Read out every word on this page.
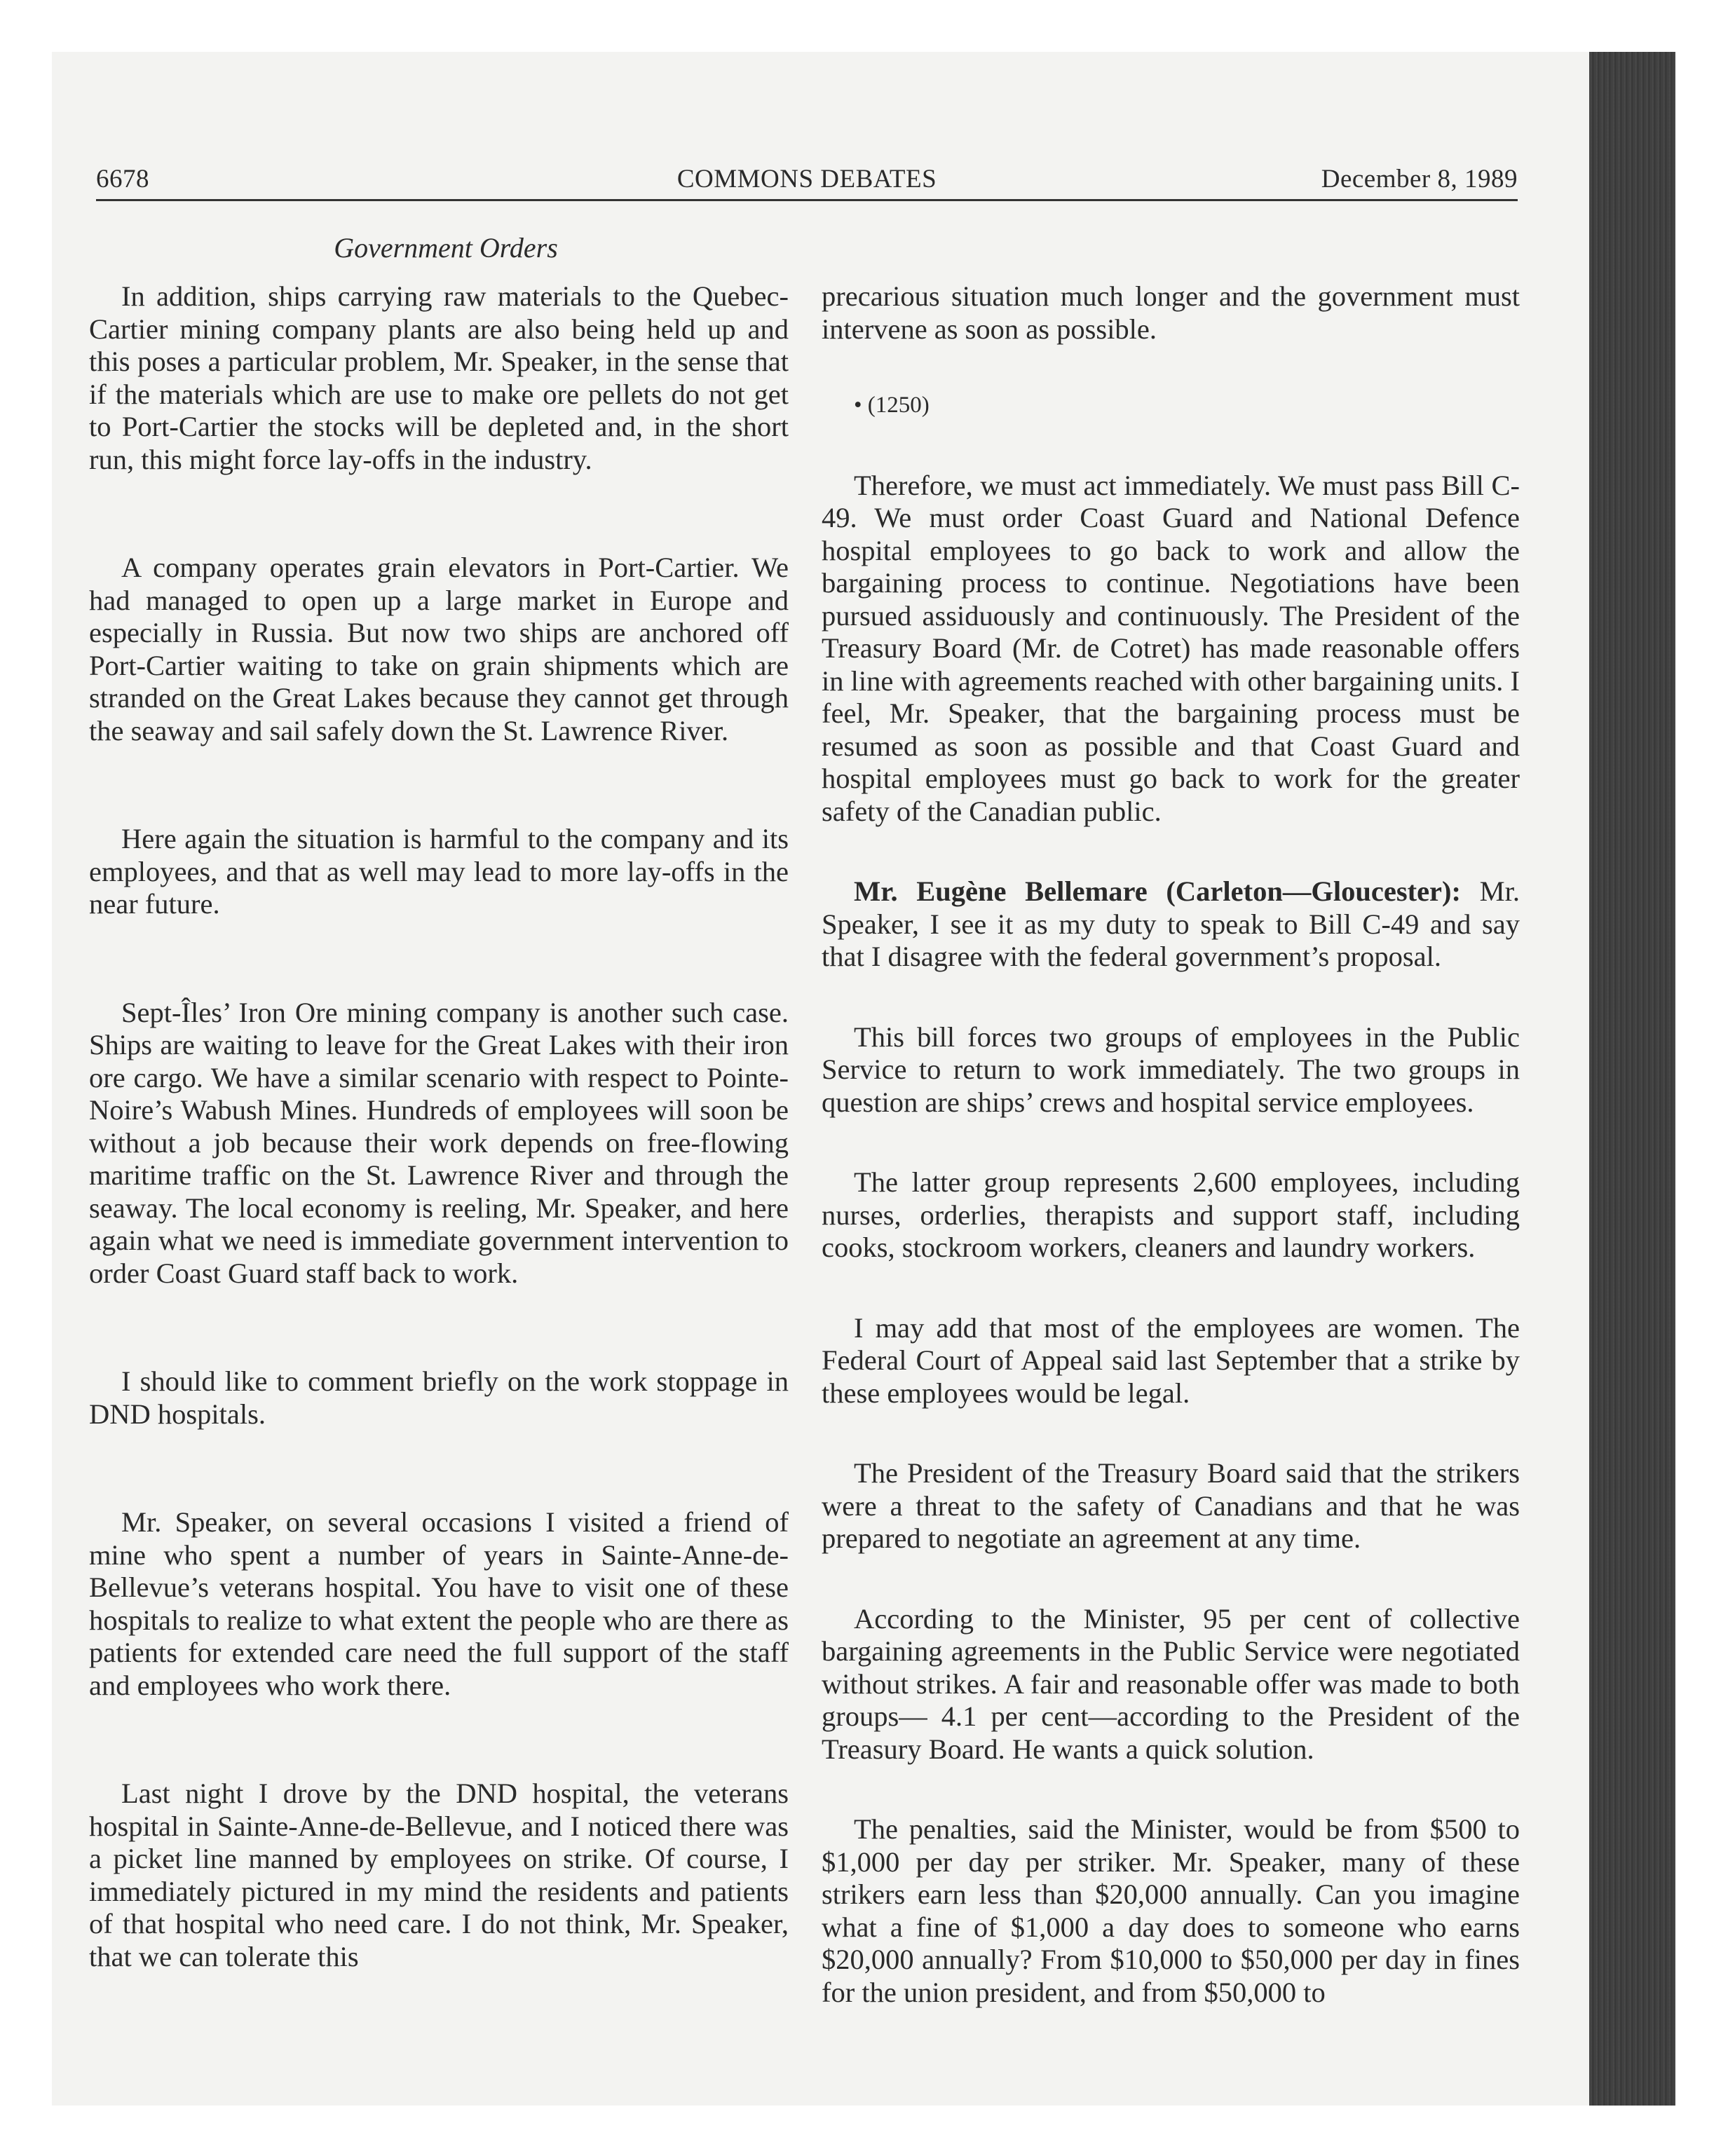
6678	COMMONS DEBATES	December 8, 1989
Government Orders

In addition, ships carrying raw materials to the Quebec-Cartier mining company plants are also being held up and this poses a particular problem, Mr. Speaker, in the sense that if the materials which are use to make ore pellets do not get to Port-Cartier the stocks will be depleted and, in the short run, this might force lay-offs in the industry.

A company operates grain elevators in Port-Cartier. We had managed to open up a large market in Europe and especially in Russia. But now two ships are anchored off Port-Cartier waiting to take on grain shipments which are stranded on the Great Lakes because they cannot get through the seaway and sail safely down the St. Lawrence River.

Here again the situation is harmful to the company and its employees, and that as well may lead to more lay-offs in the near future.

Sept-Îles’ Iron Ore mining company is another such case. Ships are waiting to leave for the Great Lakes with their iron ore cargo. We have a similar scenario with respect to Pointe-Noire’s Wabush Mines. Hundreds of employees will soon be without a job because their work depends on free-flowing maritime traffic on the St. Lawrence River and through the seaway. The local economy is reeling, Mr. Speaker, and here again what we need is immediate government intervention to order Coast Guard staff back to work.

I should like to comment briefly on the work stoppage in DND hospitals.

Mr. Speaker, on several occasions I visited a friend of mine who spent a number of years in Sainte-Anne-de-Bellevue’s veterans hospital. You have to visit one of these hospitals to realize to what extent the people who are there as patients for extended care need the full support of the staff and employees who work there.

Last night I drove by the DND hospital, the veterans hospital in Sainte-Anne-de-Bellevue, and I noticed there was a picket line manned by employees on strike. Of course, I immediately pictured in my mind the residents and patients of that hospital who need care. I do not think, Mr. Speaker, that we can tolerate this

precarious situation much longer and the government must intervene as soon as possible.

• (1250)

Therefore, we must act immediately. We must pass Bill C-49. We must order Coast Guard and National Defence hospital employees to go back to work and allow the bargaining process to continue. Negotiations have been pursued assiduously and continuously. The President of the Treasury Board (Mr. de Cotret) has made reasonable offers in line with agreements reached with other bargaining units. I feel, Mr. Speaker, that the bargaining process must be resumed as soon as possible and that Coast Guard and hospital employees must go back to work for the greater safety of the Canadian public.

Mr. Eugène Bellemare (Carleton—Gloucester): Mr. Speaker, I see it as my duty to speak to Bill C-49 and say that I disagree with the federal government’s proposal.

This bill forces two groups of employees in the Public Service to return to work immediately. The two groups in question are ships’ crews and hospital service employees.

The latter group represents 2,600 employees, including nurses, orderlies, therapists and support staff, including cooks, stockroom workers, cleaners and laundry workers.

I may add that most of the employees are women. The Federal Court of Appeal said last September that a strike by these employees would be legal.

The President of the Treasury Board said that the strikers were a threat to the safety of Canadians and that he was prepared to negotiate an agreement at any time.

According to the Minister, 95 per cent of collective bargaining agreements in the Public Service were negotiated without strikes. A fair and reasonable offer was made to both groups— 4.1 per cent—according to the President of the Treasury Board. He wants a quick solution.

The penalties, said the Minister, would be from $500 to $1,000 per day per striker. Mr. Speaker, many of these strikers earn less than $20,000 annually. Can you imagine what a fine of $1,000 a day does to someone who earns $20,000 annually? From $10,000 to $50,000 per day in fines for the union president, and from $50,000 to
